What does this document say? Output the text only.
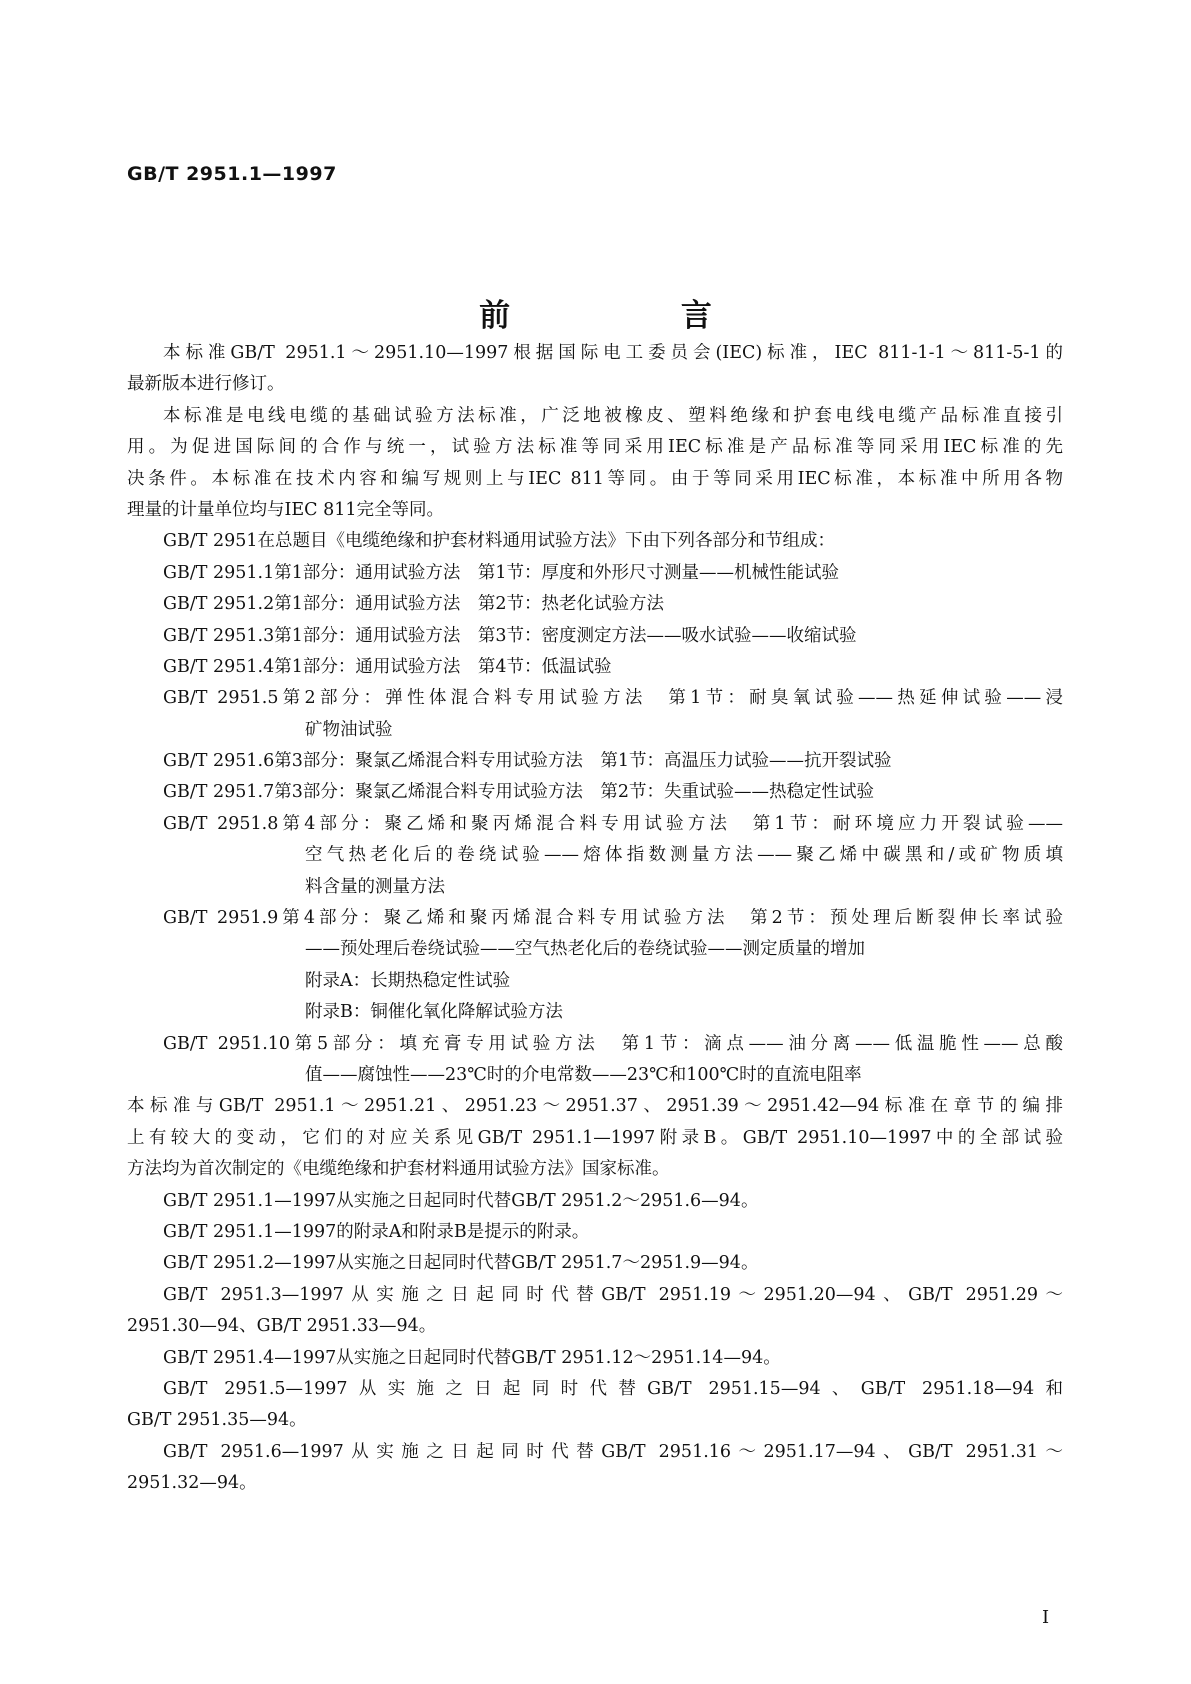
GB/T 2951.1—1997
前 言
本标准GB/T 2951.1～2951.10—1997根据国际电工委员会(IEC)标准，IEC 811-1-1～811-5-1的
最新版本进行修订。
本标准是电线电缆的基础试验方法标准，广泛地被橡皮、塑料绝缘和护套电线电缆产品标准直接引
用。为促进国际间的合作与统一，试验方法标准等同采用IEC标准是产品标准等同采用IEC标准的先
决条件。本标准在技术内容和编写规则上与IEC 811等同。由于等同采用IEC标准，本标准中所用各物
理量的计量单位均与IEC 811完全等同。
GB/T 2951在总题目《电缆绝缘和护套材料通用试验方法》下由下列各部分和节组成：
GB/T 2951.1第1部分：通用试验方法　第1节：厚度和外形尺寸测量——机械性能试验
GB/T 2951.2第1部分：通用试验方法　第2节：热老化试验方法
GB/T 2951.3第1部分：通用试验方法　第3节：密度测定方法——吸水试验——收缩试验
GB/T 2951.4第1部分：通用试验方法　第4节：低温试验
GB/T 2951.5第2部分：弹性体混合料专用试验方法　第1节：耐臭氧试验——热延伸试验——浸
矿物油试验
GB/T 2951.6第3部分：聚氯乙烯混合料专用试验方法　第1节：高温压力试验——抗开裂试验
GB/T 2951.7第3部分：聚氯乙烯混合料专用试验方法　第2节：失重试验——热稳定性试验
GB/T 2951.8第4部分：聚乙烯和聚丙烯混合料专用试验方法　第1节：耐环境应力开裂试验——
空气热老化后的卷绕试验——熔体指数测量方法——聚乙烯中碳黑和/或矿物质填
料含量的测量方法
GB/T 2951.9第4部分：聚乙烯和聚丙烯混合料专用试验方法　第2节：预处理后断裂伸长率试验
——预处理后卷绕试验——空气热老化后的卷绕试验——测定质量的增加
附录A：长期热稳定性试验
附录B：铜催化氧化降解试验方法
GB/T 2951.10第5部分：填充膏专用试验方法　第1节：滴点——油分离——低温脆性——总酸
值——腐蚀性——23℃时的介电常数——23℃和100℃时的直流电阻率
本标准与GB/T 2951.1～2951.21、2951.23～2951.37、2951.39～2951.42—94标准在章节的编排
上有较大的变动，它们的对应关系见GB/T 2951.1—1997附录B。GB/T 2951.10—1997中的全部试验
方法均为首次制定的《电缆绝缘和护套材料通用试验方法》国家标准。
GB/T 2951.1—1997从实施之日起同时代替GB/T 2951.2～2951.6—94。
GB/T 2951.1—1997的附录A和附录B是提示的附录。
GB/T 2951.2—1997从实施之日起同时代替GB/T 2951.7～2951.9—94。
GB/T 2951.3—1997从实施之日起同时代替GB/T 2951.19～2951.20—94、GB/T 2951.29～
2951.30—94、GB/T 2951.33—94。
GB/T 2951.4—1997从实施之日起同时代替GB/T 2951.12～2951.14—94。
GB/T 2951.5—1997从实施之日起同时代替GB/T 2951.15—94、GB/T 2951.18—94和
GB/T 2951.35—94。
GB/T 2951.6—1997从实施之日起同时代替GB/T 2951.16～2951.17—94、GB/T 2951.31～
2951.32—94。
I
